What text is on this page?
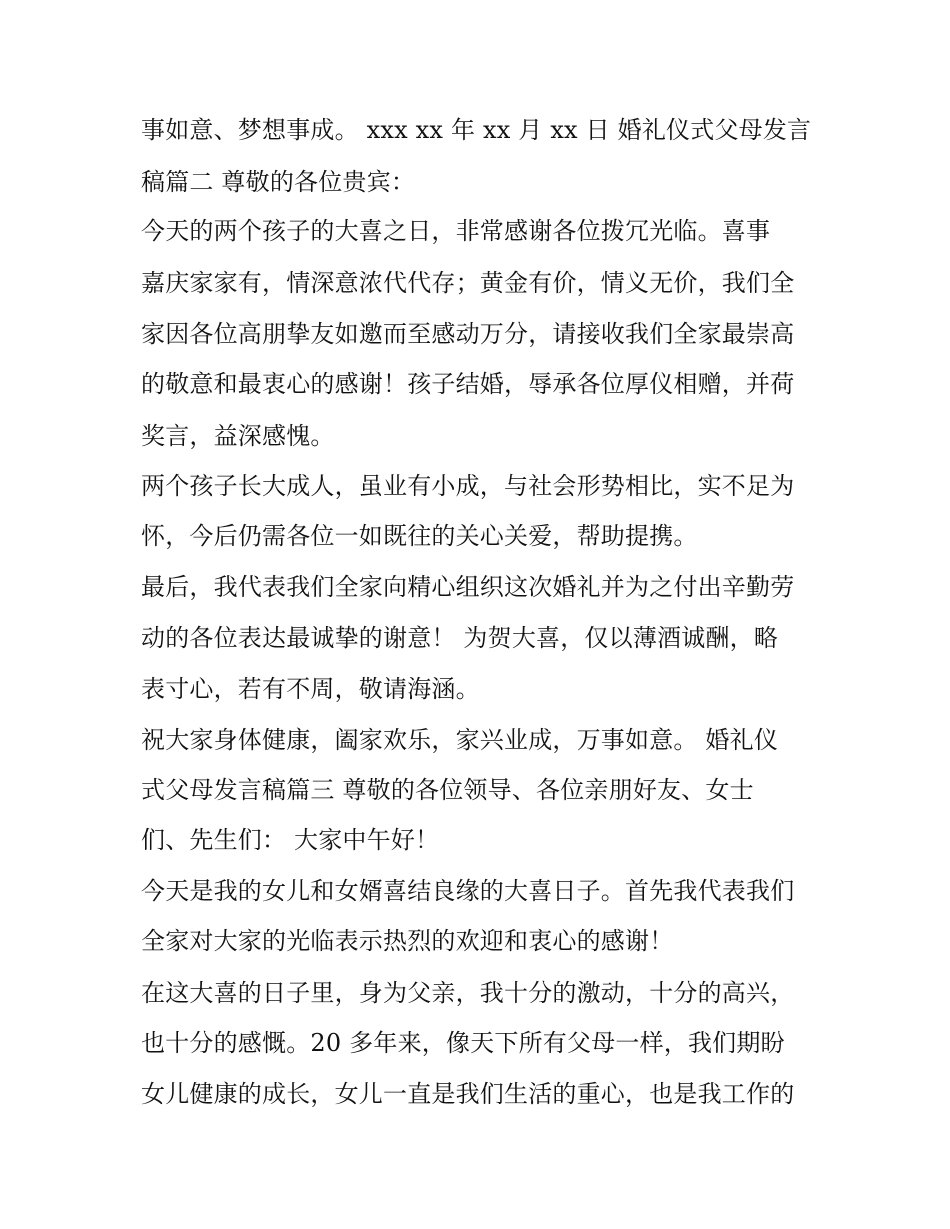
事如意、梦想事成。 xxx xx 年 xx 月 xx 日 婚礼仪式父母发言
稿篇二 尊敬的各位贵宾：
今天的两个孩子的大喜之日，非常感谢各位拨冗光临。喜事
嘉庆家家有，情深意浓代代存；黄金有价，情义无价，我们全
家因各位高朋挚友如邀而至感动万分，请接收我们全家最崇高
的敬意和最衷心的感谢！孩子结婚，辱承各位厚仪相赠，并荷
奖言，益深感愧。
两个孩子长大成人，虽业有小成，与社会形势相比，实不足为
怀，今后仍需各位一如既往的关心关爱，帮助提携。
最后，我代表我们全家向精心组织这次婚礼并为之付出辛勤劳
动的各位表达最诚挚的谢意！ 为贺大喜，仅以薄酒诚酬，略
表寸心，若有不周，敬请海涵。
祝大家身体健康，阖家欢乐，家兴业成，万事如意。 婚礼仪
式父母发言稿篇三 尊敬的各位领导、各位亲朋好友、女士
们、先生们： 大家中午好！
今天是我的女儿和女婿喜结良缘的大喜日子。首先我代表我们
全家对大家的光临表示热烈的欢迎和衷心的感谢！
在这大喜的日子里，身为父亲，我十分的激动，十分的高兴，
也十分的感慨。20 多年来，像天下所有父母一样，我们期盼
女儿健康的成长，女儿一直是我们生活的重心，也是我工作的
